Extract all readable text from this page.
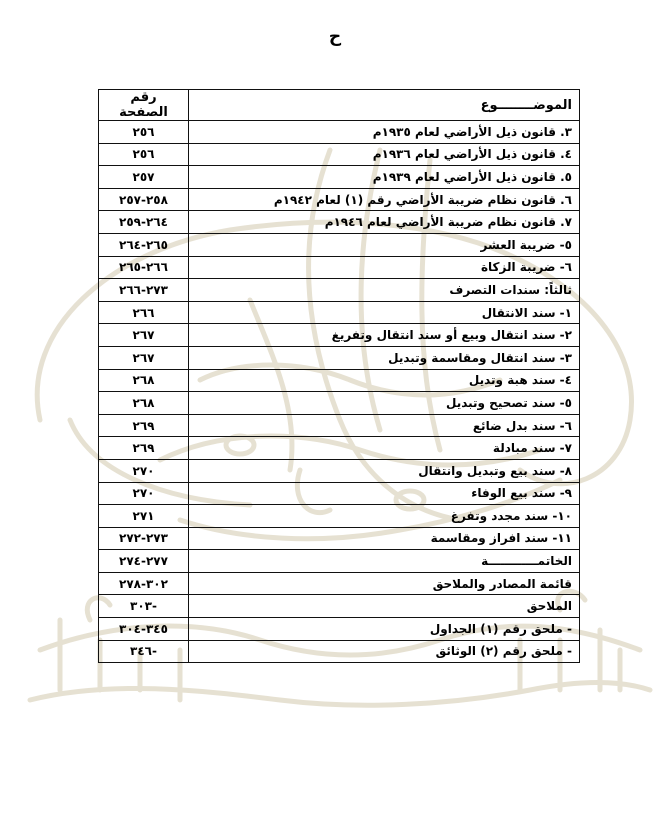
ح
الموضــــــــوع	رقم الصفحة
٣. قانون ذيل الأراضي لعام ١٩٣٥م	٢٥٦
٤. قانون ذيل الأراضي لعام ١٩٣٦م	٢٥٦
٥. قانون ذيل الأراضي لعام ١٩٣٩م	٢٥٧
٦. قانون نظام ضريبة الأراضي رقم (١) لعام ١٩٤٢م	٢٥٨-٢٥٧
٧. قانون نظام ضريبة الأراضي لعام ١٩٤٦م	٢٦٤-٢٥٩
٥- ضريبة العشر	٢٦٥-٢٦٤
٦- ضريبة الزكاة	٢٦٦-٢٦٥
ثالثاً: سندات التصرف	٢٧٣-٢٦٦
١- سند الانتقال	٢٦٦
٢- سند انتقال وبيع أو سند انتقال وتفريغ	٢٦٧
٣- سند انتقال ومقاسمة وتبديل	٢٦٧
٤- سند هبة وتديل	٢٦٨
٥- سند تصحيح وتبديل	٢٦٨
٦- سند بدل ضائع	٢٦٩
٧- سند مبادلة	٢٦٩
٨- سند بيع وتبديل وانتقال	٢٧٠
٩- سند بيع الوفاء	٢٧٠
١٠- سند مجدد وتفرغ	٢٧١
١١- سند افراز ومقاسمة	٢٧٣-٢٧٢
الخاتمــــــــــــة	٢٧٧-٢٧٤
قائمة المصادر والملاحق	٣٠٢-٢٧٨
الملاحق	-٣٠٣
- ملحق رقم (١) الجداول	٣٤٥-٣٠٤
- ملحق رقم (٢) الوثائق	-٣٤٦
